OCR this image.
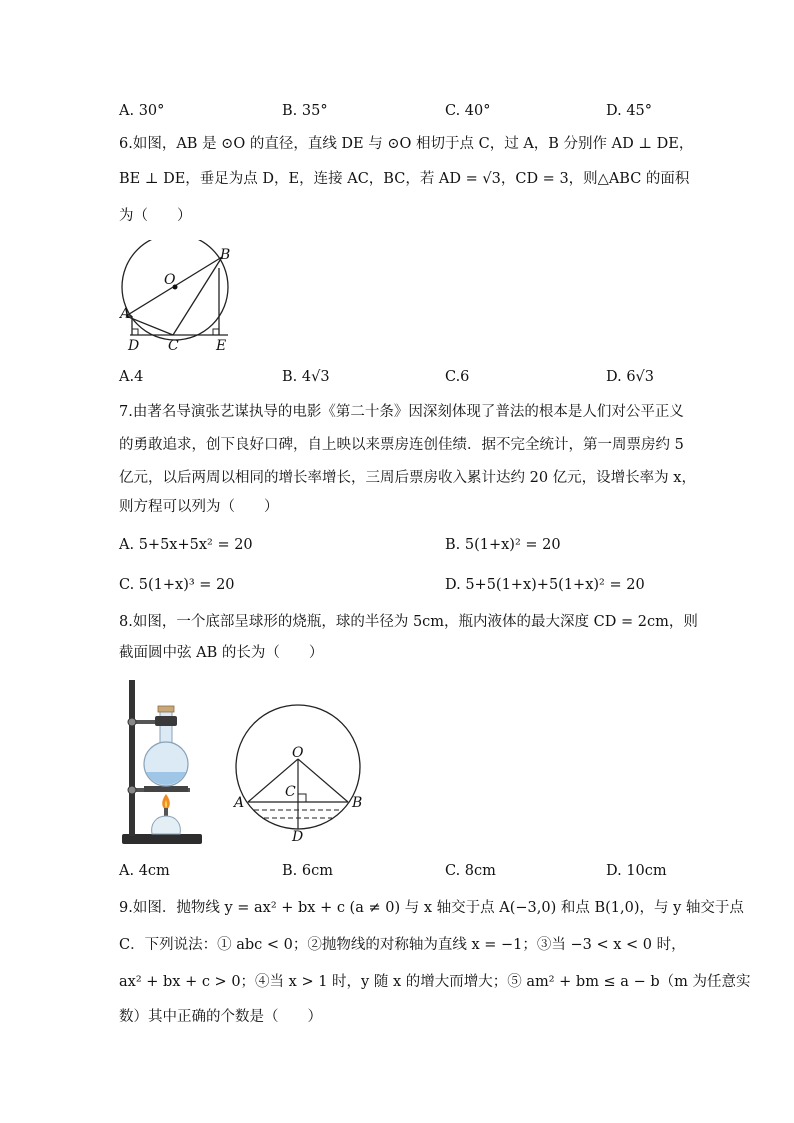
A. 30°	B. 35°	C. 40°	D. 45°
6.如图，AB 是 ⊙O 的直径，直线 DE 与 ⊙O 相切于点 C，过 A，B 分别作 AD ⊥ DE，
BE ⊥ DE，垂足为点 D，E，连接 AC，BC，若 AD = √3，CD = 3，则△ABC 的面积
为（　　）
B
O
A
D C	E
A.4	B. 4√3	C.6	D. 6√3
7.由著名导演张艺谋执导的电影《第二十条》因深刻体现了普法的根本是人们对公平正义
的勇敢追求，创下良好口碑，自上映以来票房连创佳绩．据不完全统计，第一周票房约 5
亿元，以后两周以相同的增长率增长，三周后票房收入累计达约 20 亿元，设增长率为 x，
则方程可以列为（　　）
A. 5+5x+5x² = 20	B. 5(1+x)² = 20
C. 5(1+x)³ = 20	D. 5+5(1+x)+5(1+x)² = 20
8.如图，一个底部呈球形的烧瓶，球的半径为 5cm，瓶内液体的最大深度 CD = 2cm，则
截面圆中弦 AB 的长为（　　）
O
C
A	B
D
A. 4cm	B. 6cm	C. 8cm	D. 10cm
9.如图．抛物线 y = ax² + bx + c (a ≠ 0) 与 x 轴交于点 A(−3,0) 和点 B(1,0)，与 y 轴交于点
C．下列说法：① abc < 0；②抛物线的对称轴为直线 x = −1；③当 −3 < x < 0 时，
ax² + bx + c > 0；④当 x > 1 时，y 随 x 的增大而增大；⑤ am² + bm ≤ a − b（m 为任意实
数）其中正确的个数是（　　）
